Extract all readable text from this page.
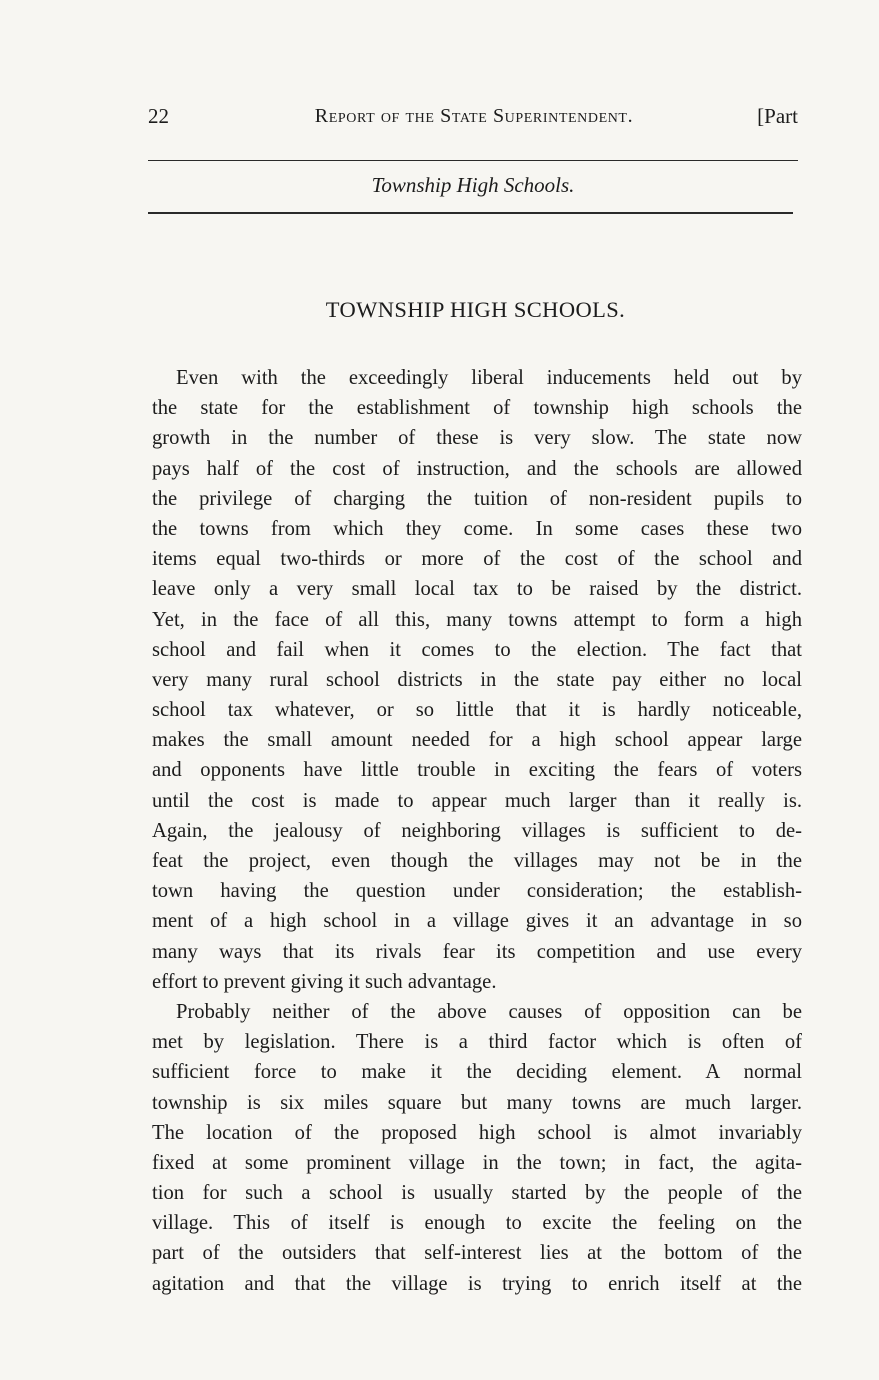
22	Report of the State Superintendent.	[Part
Township High Schools.
TOWNSHIP HIGH SCHOOLS.
Even with the exceedingly liberal inducements held out by
the state for the establishment of township high schools the
growth in the number of these is very slow. The state now
pays half of the cost of instruction, and the schools are allowed
the privilege of charging the tuition of non-resident pupils to
the towns from which they come. In some cases these two
items equal two-thirds or more of the cost of the school and
leave only a very small local tax to be raised by the district.
Yet, in the face of all this, many towns attempt to form a high
school and fail when it comes to the election. The fact that
very many rural school districts in the state pay either no local
school tax whatever, or so little that it is hardly noticeable,
makes the small amount needed for a high school appear large
and opponents have little trouble in exciting the fears of voters
until the cost is made to appear much larger than it really is.
Again, the jealousy of neighboring villages is sufficient to de-
feat the project, even though the villages may not be in the
town having the question under consideration; the establish-
ment of a high school in a village gives it an advantage in so
many ways that its rivals fear its competition and use every
effort to prevent giving it such advantage.
Probably neither of the above causes of opposition can be
met by legislation. There is a third factor which is often of
sufficient force to make it the deciding element. A normal
township is six miles square but many towns are much larger.
The location of the proposed high school is almot invariably
fixed at some prominent village in the town; in fact, the agita-
tion for such a school is usually started by the people of the
village. This of itself is enough to excite the feeling on the
part of the outsiders that self-interest lies at the bottom of the
agitation and that the village is trying to enrich itself at the
